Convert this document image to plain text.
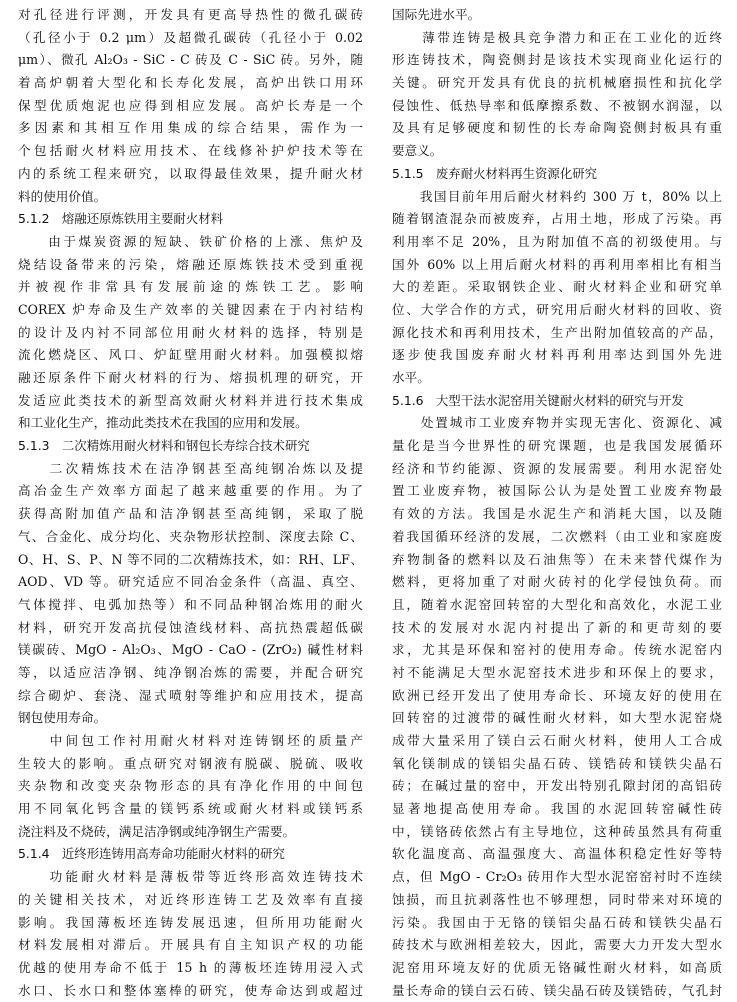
对孔径进行评测，开发具有更高导热性的微孔碳砖
（孔径小于 0.2 μm）及超微孔碳砖（孔径小于 0.02
μm）、微孔 Al₂O₃ - SiC - C 砖及 C - SiC 砖。另外，随
着高炉朝着大型化和长寿化发展，高炉出铁口用环
保型优质炮泥也应得到相应发展。高炉长寿是一个
多因素和其相互作用集成的综合结果，需作为一
个包括耐火材料应用技术、在线修补护炉技术等在
内的系统工程来研究，以取得最佳效果，提升耐火材
料的使用价值。
5.1.2　熔融还原炼铁用主要耐火材料
　　由于煤炭资源的短缺、铁矿价格的上涨、焦炉及
烧结设备带来的污染，熔融还原炼铁技术受到重视
并被视作非常具有发展前途的炼铁工艺。影响
COREX 炉寿命及生产效率的关键因素在于内衬结构
的设计及内衬不同部位用耐火材料的选择，特别是
流化燃烧区、风口、炉缸壁用耐火材料。加强模拟熔
融还原条件下耐火材料的行为、熔损机理的研究，开
发适应此类技术的新型高效耐火材料并进行技术集成
和工业化生产，推动此类技术在我国的应用和发展。
5.1.3　二次精炼用耐火材料和钢包长寿综合技术研究
　　二次精炼技术在洁净钢甚至高纯钢冶炼以及提
高冶金生产效率方面起了越来越重要的作用。为了
获得高附加值产品和洁净钢甚至高纯钢，采取了脱
气、合金化、成分均化、夹杂物形状控制、深度去除 C、
O、H、S、P、N 等不同的二次精炼技术，如：RH、LF、
AOD、VD 等。研究适应不同冶金条件（高温、真空、
气体搅拌、电弧加热等）和不同品种钢冶炼用的耐火
材料，研究开发高抗侵蚀渣线材料、高抗热震超低碳
镁碳砖、MgO - Al₂O₃、MgO - CaO - (ZrO₂) 碱性材料
等，以适应洁净钢、纯净钢冶炼的需要，并配合研究
综合砌炉、套浇、湿式喷射等维护和应用技术，提高
钢包使用寿命。
　　中间包工作衬用耐火材料对连铸钢坯的质量产
生较大的影响。重点研究对钢液有脱碳、脱硫、吸收
夹杂物和改变夹杂物形态的具有净化作用的中间包
用不同氧化钙含量的镁钙系统或耐火材料或镁钙系
浇注料及不烧砖，满足洁净钢或纯净钢生产需要。
5.1.4　近终形连铸用高寿命功能耐火材料的研究
　　功能耐火材料是薄板带等近终形高效连铸技术
的关键相关技术，对近终形连铸工艺及效率有直接
影响。我国薄板坯连铸发展迅速，但所用功能耐火
材料发展相对滞后。开展具有自主知识产权的功能
优越的使用寿命不低于 15 h 的薄板坯连铸用浸入式
水口、长水口和整体塞棒的研究，使寿命达到或超过
国际先进水平。
　　薄带连铸是极具竞争潜力和正在工业化的近终
形连铸技术，陶瓷侧封是该技术实现商业化运行的
关键。研究开发具有优良的抗机械磨损性和抗化学
侵蚀性、低热导率和低摩擦系数、不被钢水润湿，以
及具有足够硬度和韧性的长寿命陶瓷侧封板具有重
要意义。
5.1.5　废弃耐火材料再生资源化研究
　　我国目前年用后耐火材料约 300 万 t，80% 以上
随着钢渣混杂而被废弃，占用土地，形成了污染。再
利用率不足 20%，且为附加值不高的初级使用。与
国外 60% 以上用后耐火材料的再利用率相比有相当
大的差距。采取钢铁企业、耐火材料企业和研究单
位、大学合作的方式，研究用后耐火材料的回收、资
源化技术和再利用技术，生产出附加值较高的产品，
逐步使我国废弃耐火材料再利用率达到国外先进
水平。
5.1.6　大型干法水泥窑用关键耐火材料的研究与开发
　　处置城市工业废弃物并实现无害化、资源化、减
量化是当今世界性的研究课题，也是我国发展循环
经济和节约能源、资源的发展需要。利用水泥窑处
置工业废弃物，被国际公认为是处置工业废弃物最
有效的方法。我国是水泥生产和消耗大国，以及随
着我国循环经济的发展，二次燃料（由工业和家庭废
弃物制备的燃料以及石油焦等）在未来替代煤作为
燃料，更将加重了对耐火砖衬的化学侵蚀负荷。而
且，随着水泥窑回转窑的大型化和高效化，水泥工业
技术的发展对水泥内衬提出了新的和更苛刻的要
求，尤其是环保和窑衬的使用寿命。传统水泥窑内
衬不能满足大型水泥窑技术进步和环保上的要求，
欧洲已经开发出了使用寿命长、环境友好的使用在
回转窑的过渡带的碱性耐火材料，如大型水泥窑烧
成带大量采用了镁白云石耐火材料，使用人工合成
氧化镁制成的镁铝尖晶石砖、镁锆砖和镁铁尖晶石
砖；在碱过量的窑中，开发出特别孔隙封闭的高铝砖
显著地提高使用寿命。我国的水泥回转窑碱性砖
中，镁铬砖依然占有主导地位，这种砖虽然具有荷重
软化温度高、高温强度大、高温体积稳定性好等特
点，但 MgO - Cr₂O₃ 砖用作大型水泥窑窑衬时不连续
蚀损，而且抗剥落性也不够理想，同时带来对环境的
污染。我国由于无铬的镁铝尖晶石砖和镁铁尖晶石
砖技术与欧洲相差较大，因此，需要大力开发大型水
泥窑用环境友好的优质无铬碱性耐火材料，如高质
量长寿命的镁白云石砖、镁尖晶石砖及镁锆砖，气孔封
